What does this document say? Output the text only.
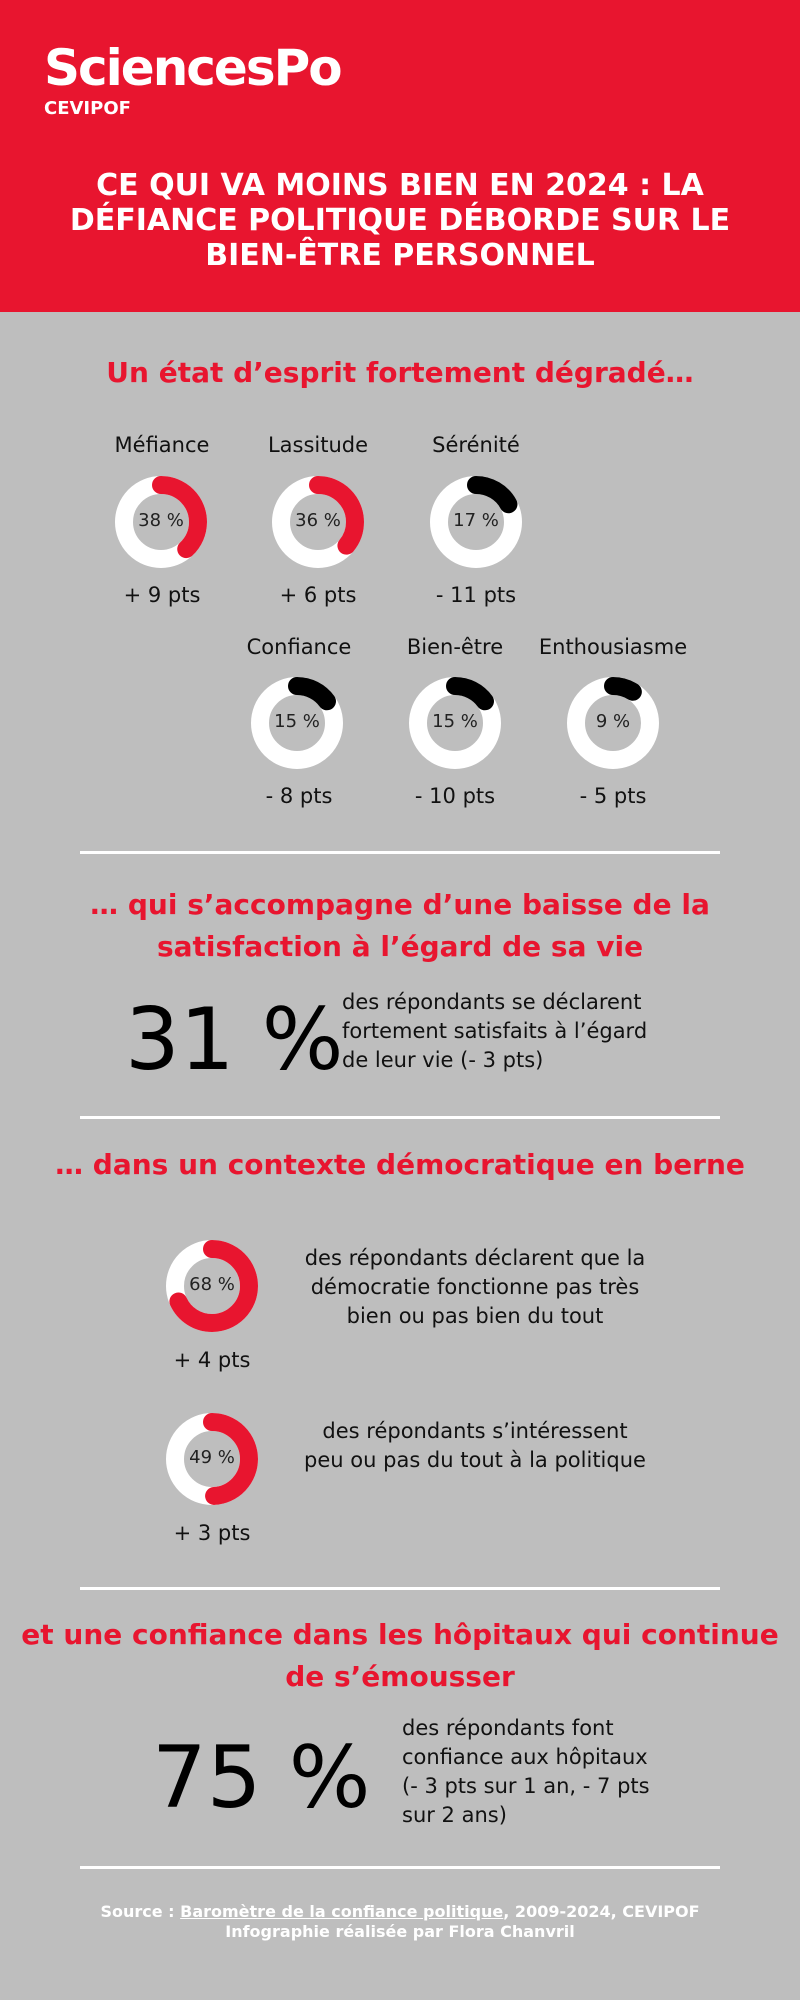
SciencesPo
CEVIPOF
CE QUI VA MOINS BIEN EN 2024 : LA DÉFIANCE POLITIQUE DÉBORDE SUR LE BIEN-ÊTRE PERSONNEL
Un état d’esprit fortement dégradé…
Méfiance	Lassitude	Sérénité
38 %	36 %	17 %
+ 9 pts	+ 6 pts	- 11 pts
Confiance	Bien-être	Enthousiasme
15 %	15 %	9 %
- 8 pts	- 10 pts	- 5 pts
… qui s’accompagne d’une baisse de la satisfaction à l’égard de sa vie
31 %
des répondants se déclarent fortement satisfaits à l’égard de leur vie (- 3 pts)
… dans un contexte démocratique en berne
68 %
+ 4 pts
des répondants déclarent que la démocratie fonctionne pas très bien ou pas bien du tout
49 %
+ 3 pts
des répondants s’intéressent peu ou pas du tout à la politique
et une confiance dans les hôpitaux qui continue de s’émousser
75 % des répondants font confiance aux hôpitaux (- 3 pts sur 1 an, - 7 pts sur 2 ans)
Source : Baromètre de la confiance politique, 2009-2024, CEVIPOF
Infographie réalisée par Flora Chanvril
